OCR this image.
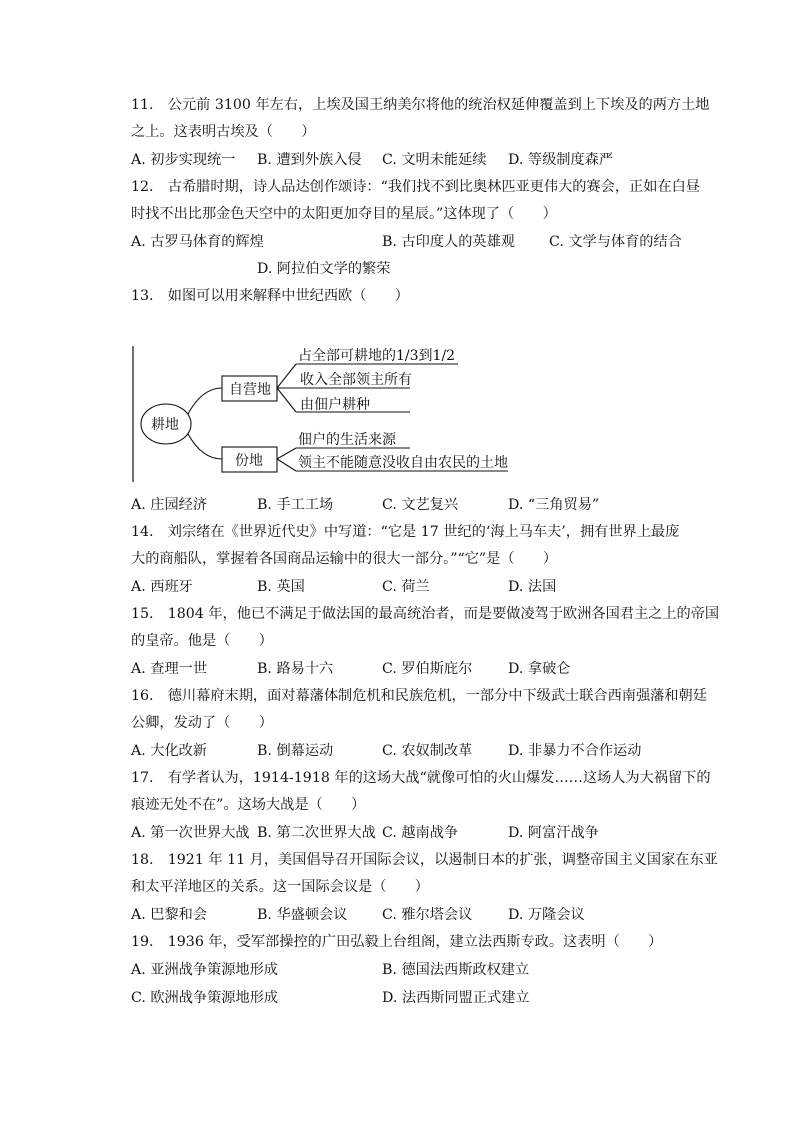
11.　公元前 3100 年左右，上埃及国王纳美尔将他的统治权延伸覆盖到上下埃及的两方土地
之上。这表明古埃及（　　）
A. 初步实现统一 B. 遭到外族入侵 C. 文明未能延续 D. 等级制度森严
12.　古希腊时期，诗人品达创作颂诗：“我们找不到比奥林匹亚更伟大的赛会，正如在白昼
时找不出比那金色天空中的太阳更加夺目的星辰。”这体现了（　　）
A. 古罗马体育的辉煌	B. 古印度人的英雄观 C. 文学与体育的结合
D. 阿拉伯文学的繁荣
13.　如图可以用来解释中世纪西欧（　　）
耕地
自营地
份地
占全部可耕地的1/3到1/2
收入全部领主所有
由佃户耕种
佃户的生活来源
领主不能随意没收自由农民的土地
A. 庄园经济	B. 手工工场	C. 文艺复兴	D. “三角贸易”
14.　刘宗绪在《世界近代史》中写道：“它是 17 世纪的‘海上马车夫’，拥有世界上最庞
大的商船队，掌握着各国商品运输中的很大一部分。”“它”是（　　）
A. 西班牙	B. 英国	C. 荷兰	D. 法国
15.　1804 年，他已不满足于做法国的最高统治者，而是要做凌驾于欧洲各国君主之上的帝国
的皇帝。他是（　　）
A. 查理一世	B. 路易十六	C. 罗伯斯庇尔	D. 拿破仑
16.　德川幕府末期，面对幕藩体制危机和民族危机，一部分中下级武士联合西南强藩和朝廷
公卿，发动了（　　）
A. 大化改新	B. 倒幕运动	C. 农奴制改革	D. 非暴力不合作运动
17.　有学者认为，1914-1918 年的这场大战“就像可怕的火山爆发……这场人为大祸留下的
痕迹无处不在”。这场大战是（　　）
A. 第一次世界大战 B. 第二次世界大战 C. 越南战争	D. 阿富汗战争
18.　1921 年 11 月，美国倡导召开国际会议，以遏制日本的扩张，调整帝国主义国家在东亚
和太平洋地区的关系。这一国际会议是（　　）
A. 巴黎和会	B. 华盛顿会议 C. 雅尔塔会议	D. 万隆会议
19.　1936 年，受军部操控的广田弘毅上台组阁，建立法西斯专政。这表明（　　）
A. 亚洲战争策源地形成	B. 德国法西斯政权建立
C. 欧洲战争策源地形成	D. 法西斯同盟正式建立
